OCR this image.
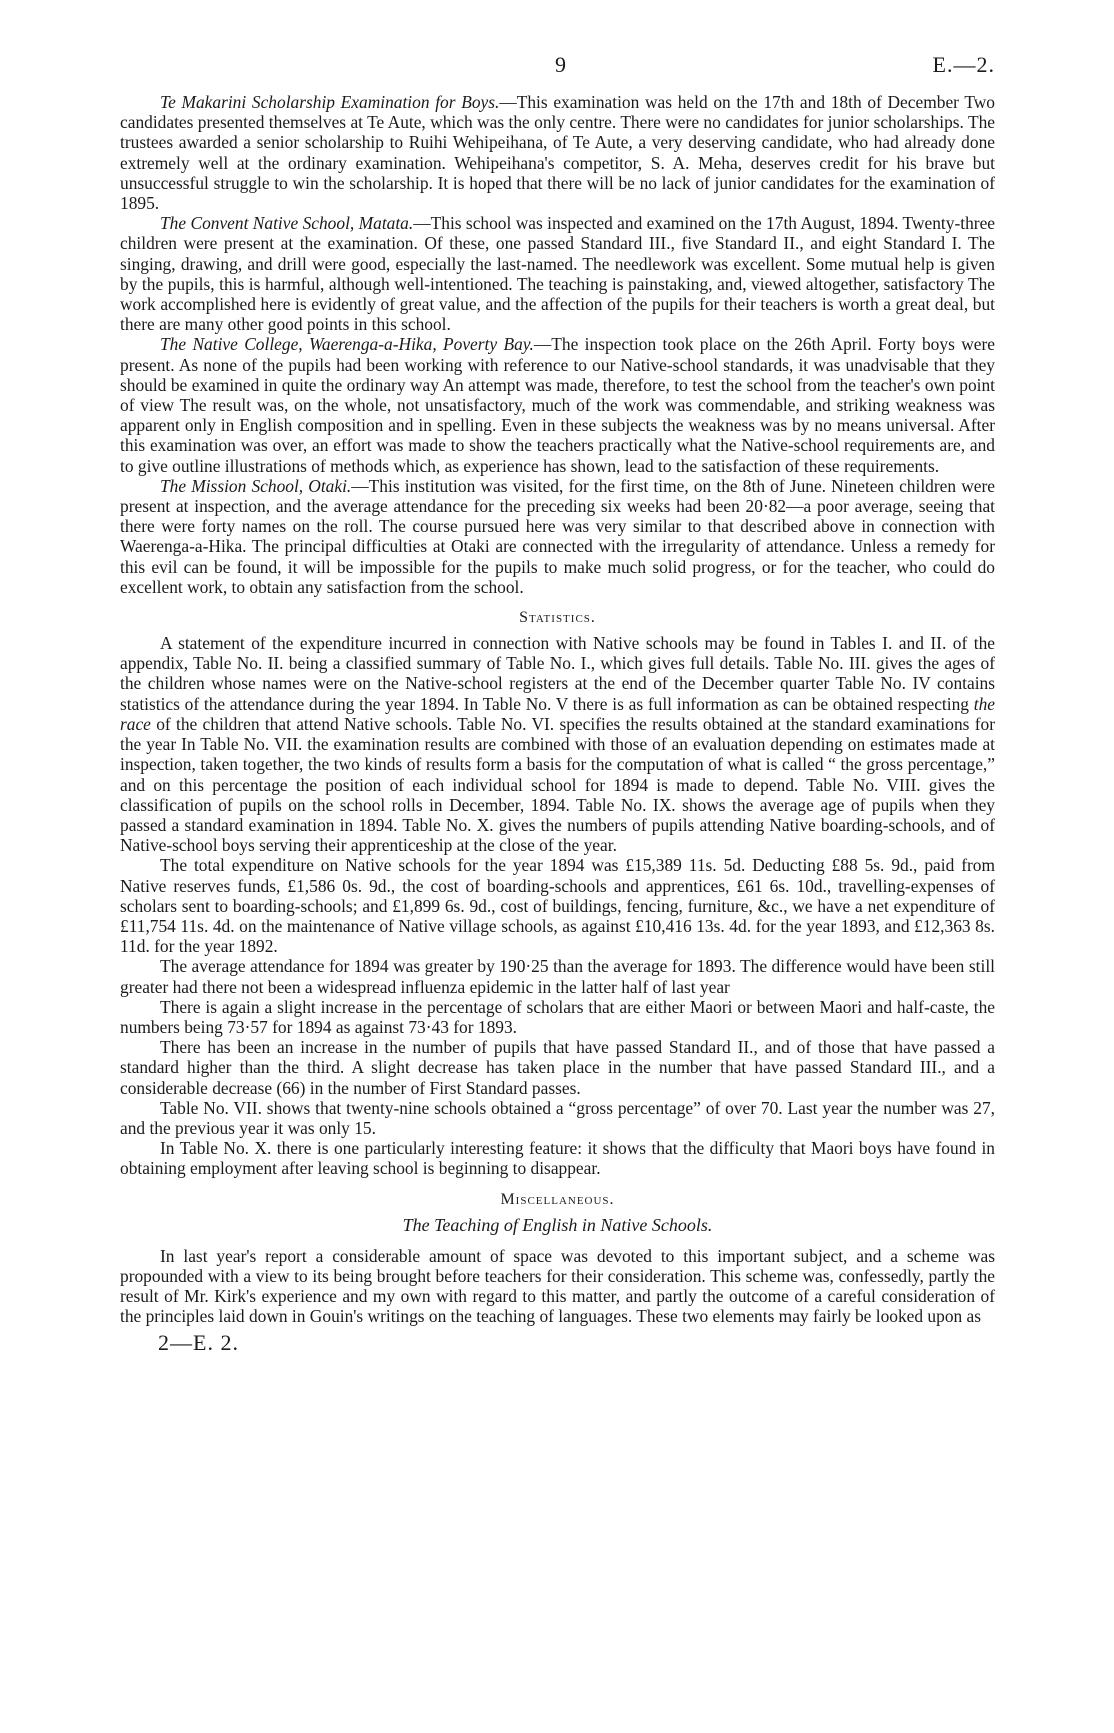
9	E.—2.

Te Makarini Scholarship Examination for Boys.—This examination was held on the 17th and 18th of December Two candidates presented themselves at Te Aute, which was the only centre. There were no candidates for junior scholarships. The trustees awarded a senior scholarship to Ruihi Wehipeihana, of Te Aute, a very deserving candidate, who had already done extremely well at the ordinary examination. Wehipeihana's competitor, S. A. Meha, deserves credit for his brave but unsuccessful struggle to win the scholarship. It is hoped that there will be no lack of junior candidates for the examination of 1895.

The Convent Native School, Matata.—This school was inspected and examined on the 17th August, 1894. Twenty-three children were present at the examination. Of these, one passed Standard III., five Standard II., and eight Standard I. The singing, drawing, and drill were good, especially the last-named. The needlework was excellent. Some mutual help is given by the pupils, this is harmful, although well-intentioned. The teaching is painstaking, and, viewed altogether, satisfactory The work accomplished here is evidently of great value, and the affection of the pupils for their teachers is worth a great deal, but there are many other good points in this school.

The Native College, Waerenga-a-Hika, Poverty Bay.—The inspection took place on the 26th April. Forty boys were present. As none of the pupils had been working with reference to our Native-school standards, it was unadvisable that they should be examined in quite the ordinary way An attempt was made, therefore, to test the school from the teacher's own point of view The result was, on the whole, not unsatisfactory, much of the work was commendable, and striking weakness was apparent only in English composition and in spelling. Even in these subjects the weakness was by no means universal. After this examination was over, an effort was made to show the teachers practically what the Native-school requirements are, and to give outline illustrations of methods which, as experience has shown, lead to the satisfaction of these requirements.

The Mission School, Otaki.—This institution was visited, for the first time, on the 8th of June. Nineteen children were present at inspection, and the average attendance for the preceding six weeks had been 20·82—a poor average, seeing that there were forty names on the roll. The course pursued here was very similar to that described above in connection with Waerenga-a-Hika. The principal difficulties at Otaki are connected with the irregularity of attendance. Unless a remedy for this evil can be found, it will be impossible for the pupils to make much solid progress, or for the teacher, who could do excellent work, to obtain any satisfaction from the school.

Statistics.

A statement of the expenditure incurred in connection with Native schools may be found in Tables I. and II. of the appendix, Table No. II. being a classified summary of Table No. I., which gives full details. Table No. III. gives the ages of the children whose names were on the Native-school registers at the end of the December quarter Table No. IV contains statistics of the attendance during the year 1894. In Table No. V there is as full information as can be obtained respecting the race of the children that attend Native schools. Table No. VI. specifies the results obtained at the standard examinations for the year In Table No. VII. the examination results are combined with those of an evaluation depending on estimates made at inspection, taken together, the two kinds of results form a basis for the computation of what is called “ the gross percentage,” and on this percentage the position of each individual school for 1894 is made to depend. Table No. VIII. gives the classification of pupils on the school rolls in December, 1894. Table No. IX. shows the average age of pupils when they passed a standard examination in 1894. Table No. X. gives the numbers of pupils attending Native boarding-schools, and of Native-school boys serving their apprenticeship at the close of the year.

The total expenditure on Native schools for the year 1894 was £15,389 11s. 5d. Deducting £88 5s. 9d., paid from Native reserves funds, £1,586 0s. 9d., the cost of boarding-schools and apprentices, £61 6s. 10d., travelling-expenses of scholars sent to boarding-schools; and £1,899 6s. 9d., cost of buildings, fencing, furniture, &c., we have a net expenditure of £11,754 11s. 4d. on the maintenance of Native village schools, as against £10,416 13s. 4d. for the year 1893, and £12,363 8s. 11d. for the year 1892.

The average attendance for 1894 was greater by 190·25 than the average for 1893. The difference would have been still greater had there not been a widespread influenza epidemic in the latter half of last year

There is again a slight increase in the percentage of scholars that are either Maori or between Maori and half-caste, the numbers being 73·57 for 1894 as against 73·43 for 1893.

There has been an increase in the number of pupils that have passed Standard II., and of those that have passed a standard higher than the third. A slight decrease has taken place in the number that have passed Standard III., and a considerable decrease (66) in the number of First Standard passes.

Table No. VII. shows that twenty-nine schools obtained a “gross percentage” of over 70. Last year the number was 27, and the previous year it was only 15.

In Table No. X. there is one particularly interesting feature: it shows that the difficulty that Maori boys have found in obtaining employment after leaving school is beginning to disappear.

Miscellaneous.
The Teaching of English in Native Schools.

In last year's report a considerable amount of space was devoted to this important subject, and a scheme was propounded with a view to its being brought before teachers for their consideration. This scheme was, confessedly, partly the result of Mr. Kirk's experience and my own with regard to this matter, and partly the outcome of a careful consideration of the principles laid down in Gouin's writings on the teaching of languages. These two elements may fairly be looked upon as

2—E. 2.
